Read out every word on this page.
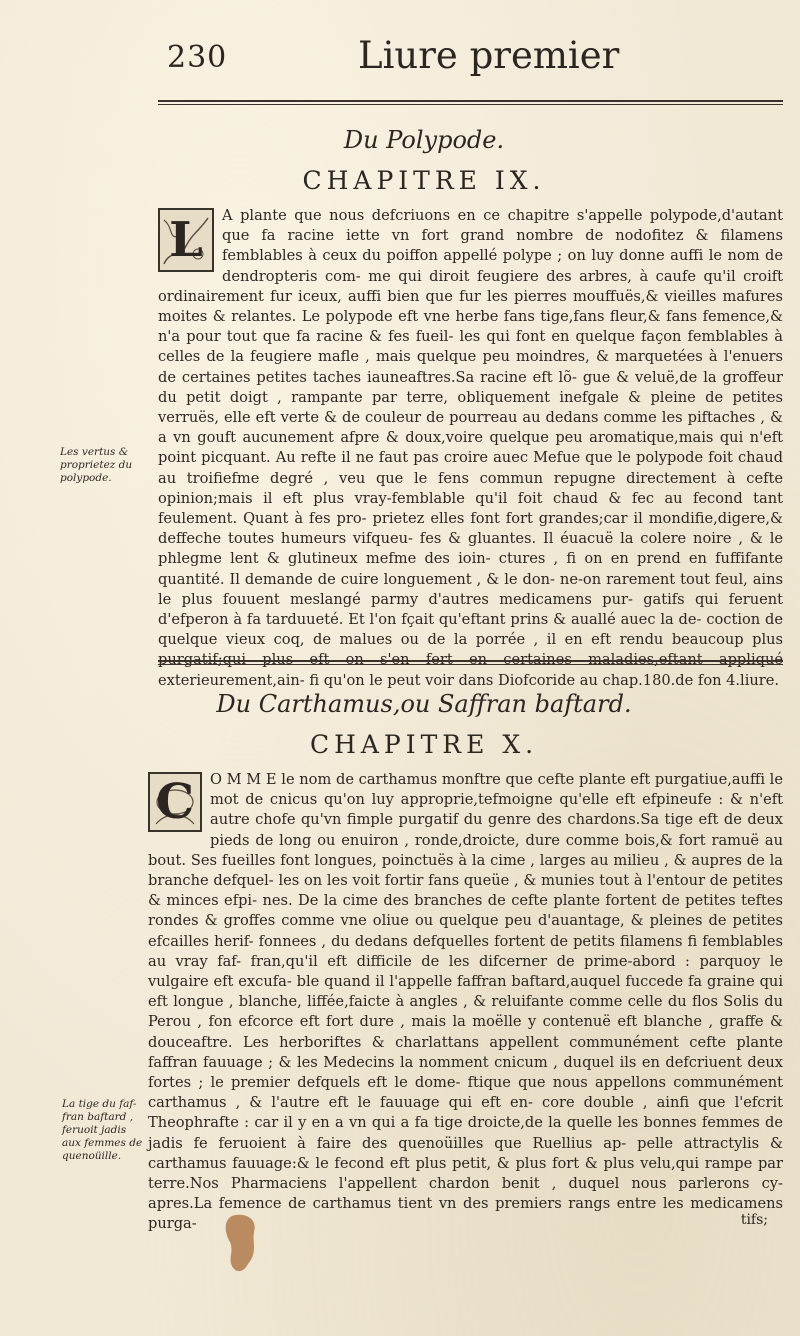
230	Liure premier
Du Polypode.
CHAPITRE IX.
L	A plante que nous defcriuons en ce chapitre s'appelle polypode,d'autant que fa racine iette vn fort grand nombre de nodofitez & filamens femblables à ceux du poiffon appellé polype ; on luy donne auffi le nom de dendropteris com- me qui diroit feugiere des arbres, à caufe qu'il croift ordinairement fur iceux, auffi bien que fur les pierres mouffuës,& vieilles mafures moites & relantes. Le polypode eft vne herbe fans tige,fans fleur,& fans femence,& n'a pour tout que fa racine & fes fueil- les qui font en quelque façon femblables à celles de la feugiere mafle , mais quelque peu moindres, & marquetées à l'enuers de certaines petites taches iauneaftres.Sa racine eft lõ- gue & veluë,de la groffeur du petit doigt , rampante par terre, obliquement inefgale & pleine de petites verruës, elle eft verte & de couleur de pourreau au dedans comme les piftaches , & a vn gouft aucunement afpre & doux,voire quelque peu aromatique,mais qui n'eft point picquant. Au refte il ne faut pas croire auec Mefue que le polypode foit chaud au troifiefme degré , veu que le fens commun repugne directement à cefte opinion;mais il eft plus vray-femblable qu'il foit chaud & fec au fecond tant feulement. Quant à fes pro- prietez elles font fort grandes;car il mondifie,digere,& deffeche toutes humeurs vifqueu- fes & gluantes. Il éuacuë la colere noire , & le phlegme lent & glutineux mefme des ioin- ctures , fi on en prend en fuffifante quantité. Il demande de cuire longuement , & le don- ne-on rarement tout feul, ains le plus fouuent meslangé parmy d'autres medicamens pur- gatifs qui feruent d'efperon à fa tarduueté. Et l'on fçait qu'eftant prins & auallé auec la de- coction de quelque vieux coq, de malues ou de la porrée , il en eft rendu beaucoup plus purgatif;qui plus eft on s'en fert en certaines maladies,eftant appliqué exterieurement,ain- fi qu'on le peut voir dans Diofcoride au chap.180.de fon 4.liure.

Les vertus & proprietez du polypode.
Du Carthamus,ou Saffran baftard.
CHAPITRE X.
C	O M M E le nom de carthamus monftre que cefte plante eft purgatiue,auffi le mot de cnicus qu'on luy approprie,tefmoigne qu'elle eft efpineufe : & n'eft autre chofe qu'vn fimple purgatif du genre des chardons.Sa tige eft de deux pieds de long ou enuiron , ronde,droicte, dure comme bois,& fort ramuë au bout. Ses fueilles font longues, poinctuës à la cime , larges au milieu , & aupres de la branche defquel- les on les voit fortir fans queüe , & munies tout à l'entour de petites & minces efpi- nes. De la cime des branches de cefte plante fortent de petites teftes rondes & groffes comme vne oliue ou quelque peu d'auantage, & pleines de petites efcailles herif- fonnees , du dedans defquelles fortent de petits filamens fi femblables au vray faf- fran,qu'il eft difficile de les difcerner de prime-abord : parquoy le vulgaire eft excufa- ble quand il l'appelle faffran baftard,auquel fuccede fa graine qui eft longue , blanche, liffée,faicte à angles , & reluifante comme celle du flos Solis du Perou , fon efcorce eft fort dure , mais la moëlle y contenuë eft blanche , graffe & douceaftre. Les herboriftes & charlattans appellent communément cefte plante faffran fauuage ; & les Medecins la nomment cnicum , duquel ils en defcriuent deux fortes ; le premier defquels eft le dome- ftique que nous appellons communément carthamus , & l'autre eft le fauuage qui eft en- core double , ainfi que l'efcrit Theophrafte : car il y en a vn qui a fa tige droicte,de la quelle les bonnes femmes de jadis fe feruoient à faire des quenoüilles que Ruellius ap- pelle attractylis & carthamus fauuage:& le fecond eft plus petit, & plus fort & plus velu,qui rampe par terre.Nos Pharmaciens l'appellent chardon benit , duquel nous parlerons cy- apres.La femence de carthamus tient vn des premiers rangs entre les medicamens purga-

La tige du faf- fran baftard , feruoit jadis aux femmes de quenoüille.
tifs;
